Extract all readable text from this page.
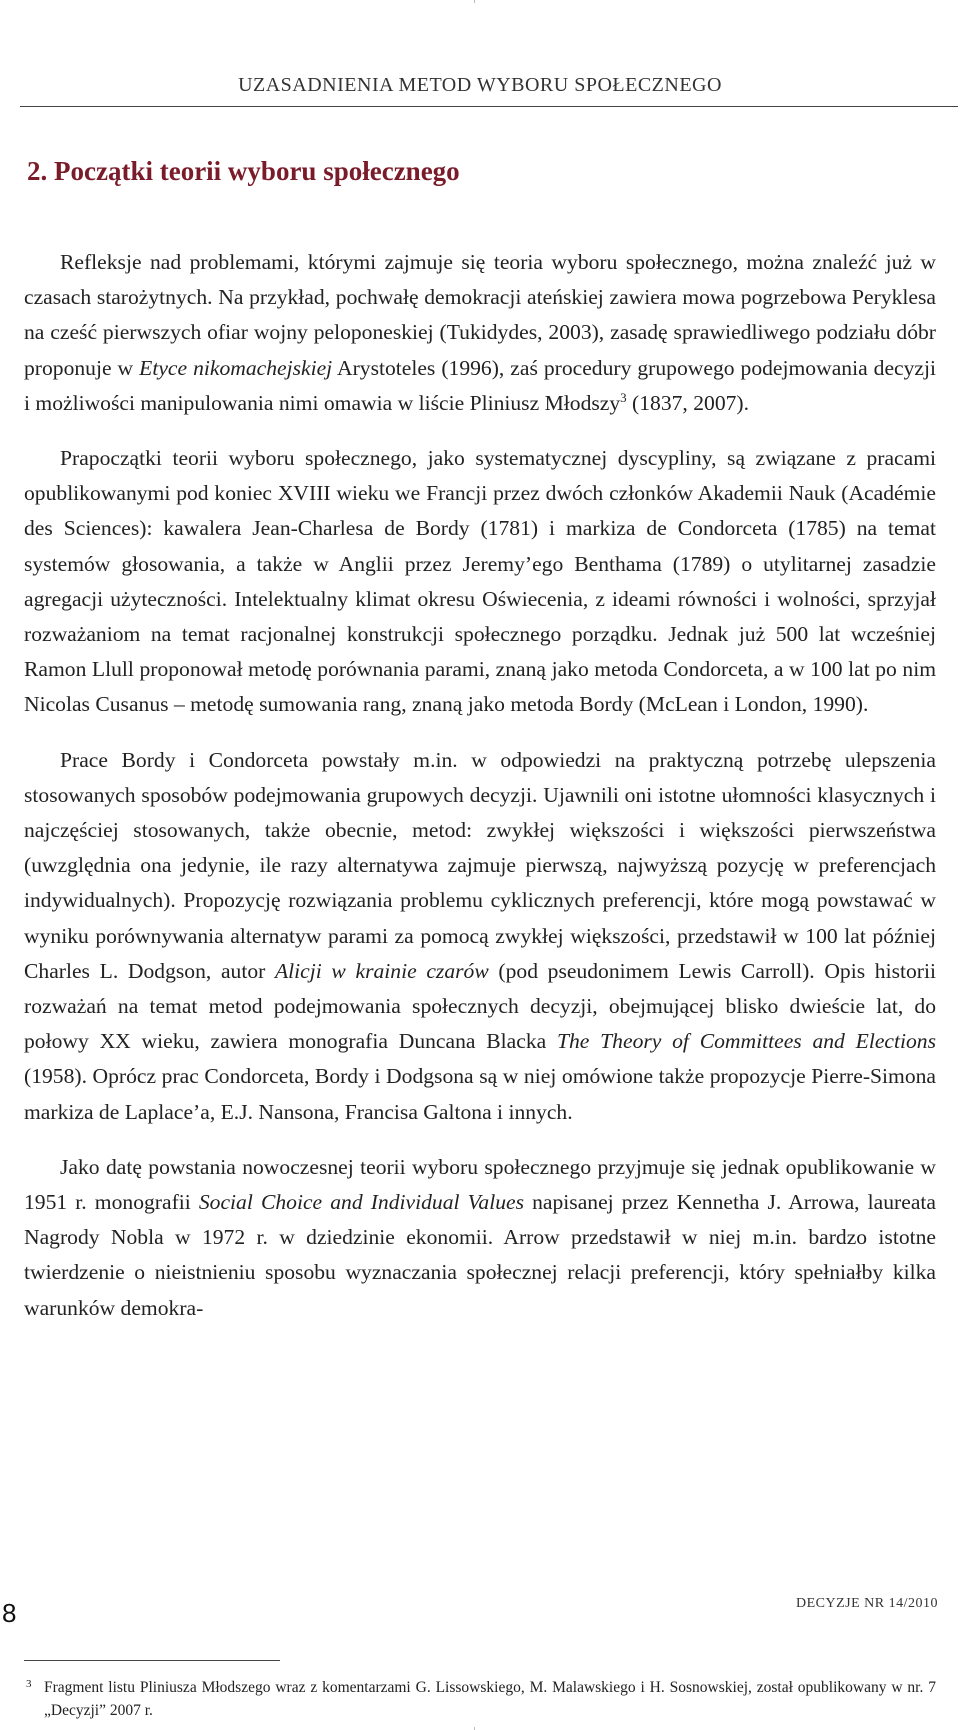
UZASADNIENIA METOD WYBORU SPOŁECZNEGO
2. Początki teorii wyboru społecznego

Refleksje nad problemami, którymi zajmuje się teoria wyboru społecznego, można znaleźć już w czasach starożytnych. Na przykład, pochwałę demokracji ateńskiej zawiera mowa pogrzebowa Peryklesa na cześć pierwszych ofiar wojny peloponeskiej (Tukidydes, 2003), zasadę sprawiedliwego podziału dóbr proponuje w Etyce nikomachejskiej Arystoteles (1996), zaś procedury grupowego podejmowania decyzji i możliwości manipulowania nimi omawia w liście Pliniusz Młodszy$^3$ (1837, 2007).

Prapoczątki teorii wyboru społecznego, jako systematycznej dyscypliny, są związane z pracami opublikowanymi pod koniec XVIII wieku we Francji przez dwóch członków Akademii Nauk (Académie des Sciences): kawalera Jean-Charlesa de Bordy (1781) i markiza de Condorceta (1785) na temat systemów głosowania, a także w Anglii przez Jeremy’ego Benthama (1789) o utylitarnej zasadzie agregacji użyteczności. Intelektualny klimat okresu Oświecenia, z ideami równości i wolności, sprzyjał rozważaniom na temat racjonalnej konstrukcji społecznego porządku. Jednak już 500 lat wcześniej Ramon Llull proponował metodę porównania parami, znaną jako metoda Condorceta, a w 100 lat po nim Nicolas Cusanus – metodę sumowania rang, znaną jako metoda Bordy (McLean i London, 1990).

Prace Bordy i Condorceta powstały m.in. w odpowiedzi na praktyczną potrzebę ulepszenia stosowanych sposobów podejmowania grupowych decyzji. Ujawnili oni istotne ułomności klasycznych i najczęściej stosowanych, także obecnie, metod: zwykłej większości i większości pierwszeństwa (uwzględnia ona jedynie, ile razy alternatywa zajmuje pierwszą, najwyższą pozycję w preferencjach indywidualnych). Propozycję rozwiązania problemu cyklicznych preferencji, które mogą powstawać w wyniku porównywania alternatyw parami za pomocą zwykłej większości, przedstawił w 100 lat później Charles L. Dodgson, autor Alicji w krainie czarów (pod pseudonimem Lewis Carroll). Opis historii rozważań na temat metod podejmowania społecznych decyzji, obejmującej blisko dwieście lat, do połowy XX wieku, zawiera monografia Duncana Blacka The Theory of Committees and Elections (1958). Oprócz prac Condorceta, Bordy i Dodgsona są w niej omówione także propozycje Pierre-Simona markiza de Laplace’a, E.J. Nansona, Francisa Galtona i innych.

Jako datę powstania nowoczesnej teorii wyboru społecznego przyjmuje się jednak opublikowanie w 1951 r. monografii Social Choice and Individual Values napisanej przez Kennetha J. Arrowa, laureata Nagrody Nobla w 1972 r. w dziedzinie ekonomii. Arrow przedstawił w niej m.in. bardzo istotne twierdzenie o nieistnieniu sposobu wyznaczania społecznej relacji preferencji, który spełniałby kilka warunków demokra-

3 Fragment listu Pliniusza Młodszego wraz z komentarzami G. Lissowskiego, M. Malawskiego i H. Sosnowskiej, został opublikowany w nr. 7 „Decyzji” 2007 r.
8	DECYZJE NR 14/2010
